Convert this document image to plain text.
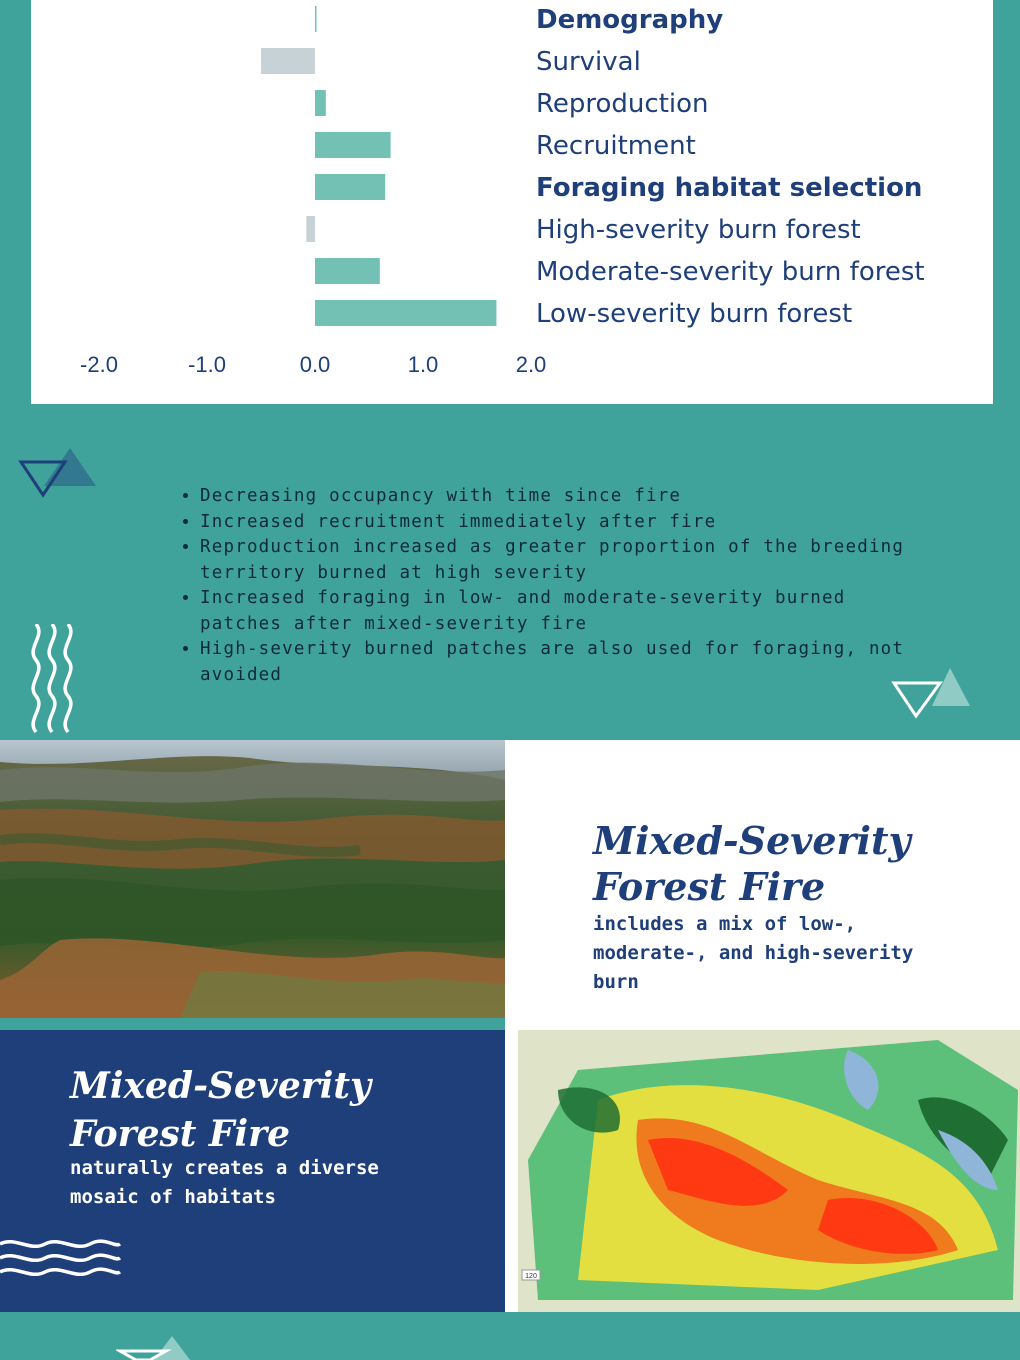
Demography
Survival
Reproduction
Recruitment
Foraging habitat selection
High-severity burn forest
Moderate-severity burn forest
Low-severity burn forest
-2.0	-1.0	0.0	1.0	2.0
• Decreasing occupancy with time since fire
• Increased recruitment immediately after fire
• Reproduction increased as greater proportion of the breeding territory burned at high severity
• Increased foraging in low- and moderate-severity burned patches after mixed-severity fire
• High-severity burned patches are also used for foraging, not avoided
Mixed-Severity
Forest Fire

includes a mix of low-, moderate-, and high-severity burn

Mixed-Severity
Forest Fire

naturally creates a diverse mosaic of habitats

120
